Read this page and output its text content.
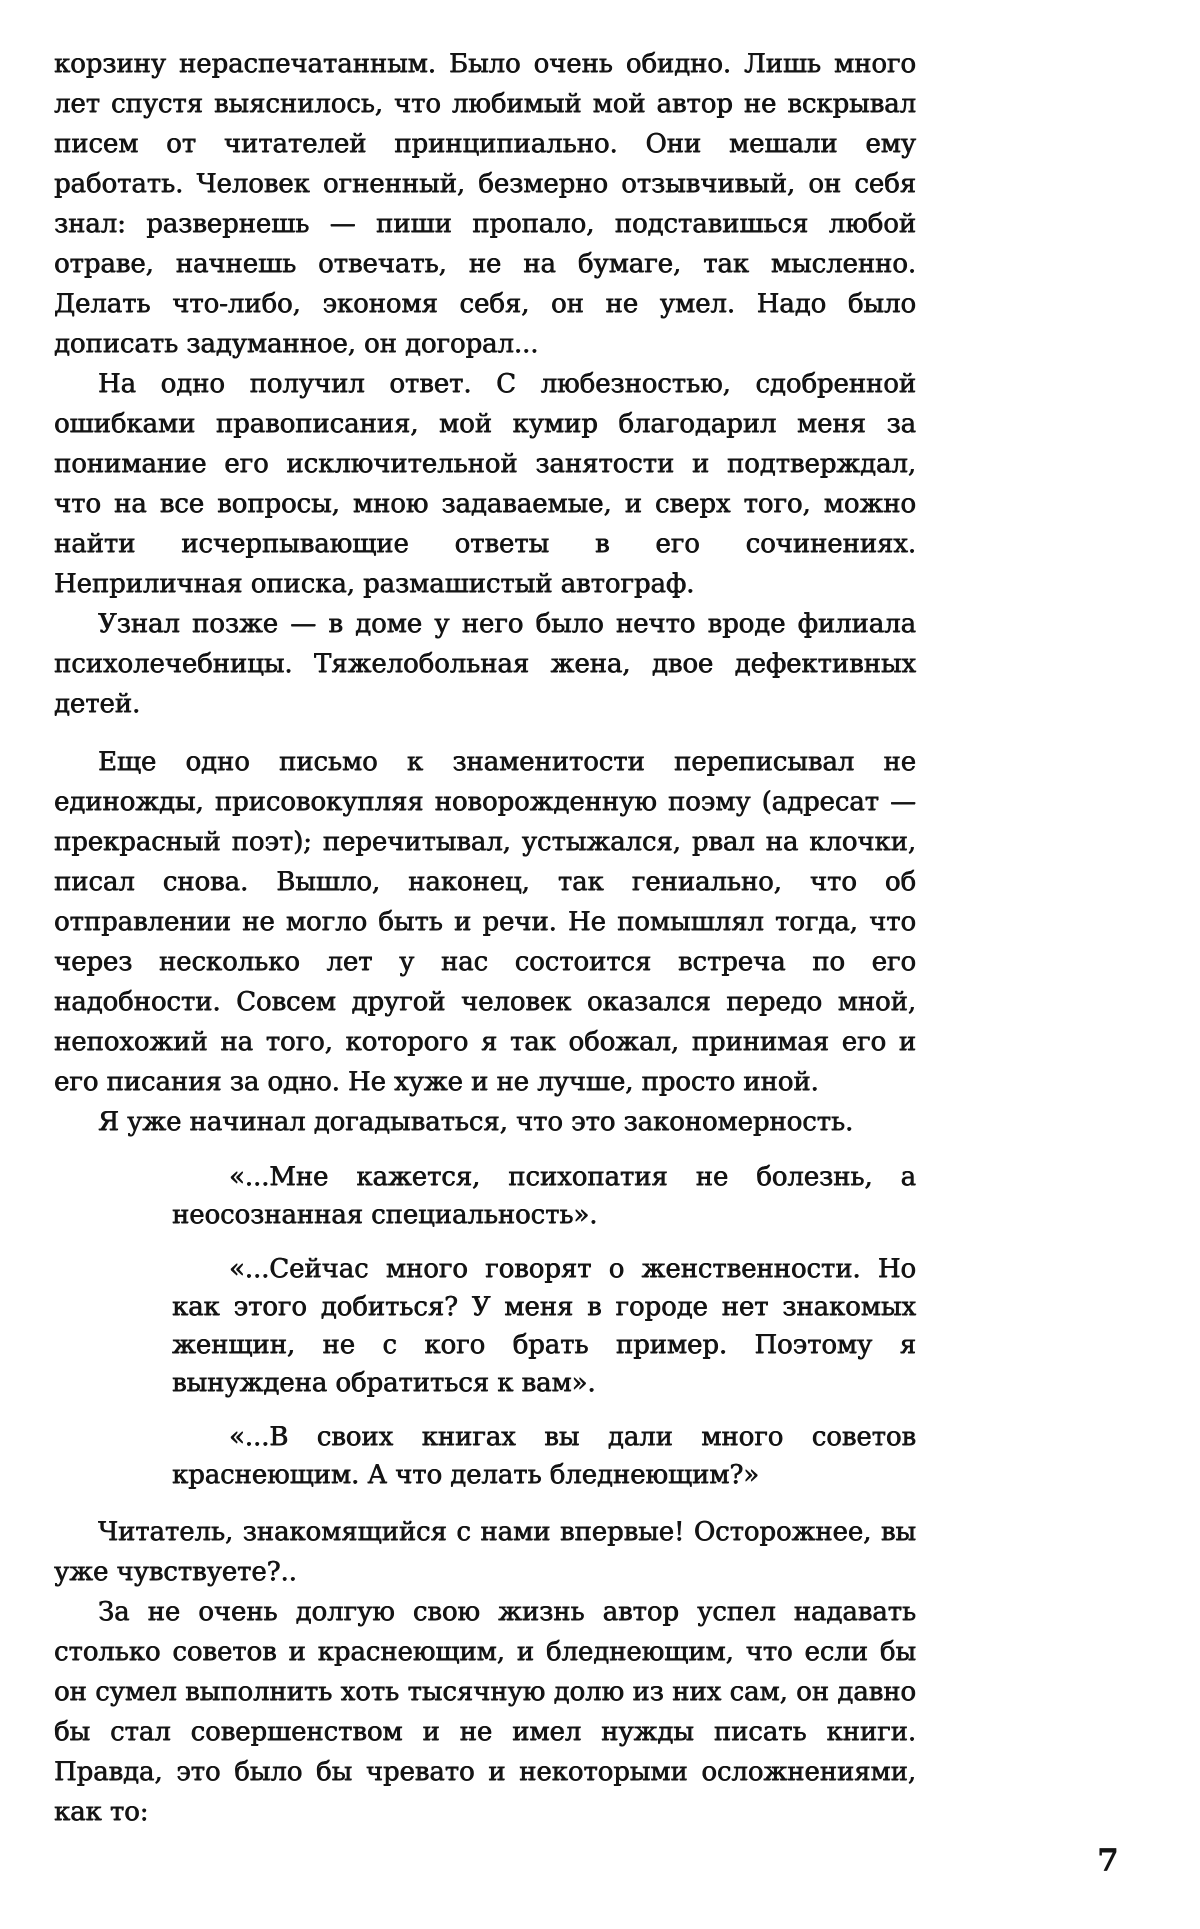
корзину нераспечатанным. Было очень обидно. Лишь много лет спустя выяснилось, что любимый мой автор не вскрывал писем от читателей принципиально. Они мешали ему работать. Человек огненный, безмерно отзывчивый, он себя знал: развернешь — пиши пропало, подставишься любой отраве, начнешь отвечать, не на бумаге, так мысленно. Делать что-либо, экономя себя, он не умел. Надо было дописать задуманное, он догорал...

На одно получил ответ. С любезностью, сдобренной ошибками правописания, мой кумир благодарил меня за понимание его исключительной занятости и подтверждал, что на все вопросы, мною задаваемые, и сверх того, можно найти исчерпывающие ответы в его сочинениях. Неприличная описка, размашистый автограф.

Узнал позже — в доме у него было нечто вроде филиала психолечебницы. Тяжелобольная жена, двое дефективных детей.

Еще одно письмо к знаменитости переписывал не единожды, присовокупляя новорожденную поэму (адресат — прекрасный поэт); перечитывал, устыжался, рвал на клочки, писал снова. Вышло, наконец, так гениально, что об отправлении не могло быть и речи. Не помышлял тогда, что через несколько лет у нас состоится встреча по его надобности. Совсем другой человек оказался передо мной, непохожий на того, которого я так обожал, принимая его и его писания за одно. Не хуже и не лучше, просто иной.

Я уже начинал догадываться, что это закономерность.

«...Мне кажется, психопатия не болезнь, а неосознанная специальность».

«...Сейчас много говорят о женственности. Но как этого добиться? У меня в городе нет знакомых женщин, не с кого брать пример. Поэтому я вынуждена обратиться к вам».

«...В своих книгах вы дали много советов краснеющим. А что делать бледнеющим?»

Читатель, знакомящийся с нами впервые! Осторожнее, вы уже чувствуете?..

За не очень долгую свою жизнь автор успел надавать столько советов и краснеющим, и бледнеющим, что если бы он сумел выполнить хоть тысячную долю из них сам, он давно бы стал совершенством и не имел нужды писать книги. Правда, это было бы чревато и некоторыми осложнениями, как то:

7
